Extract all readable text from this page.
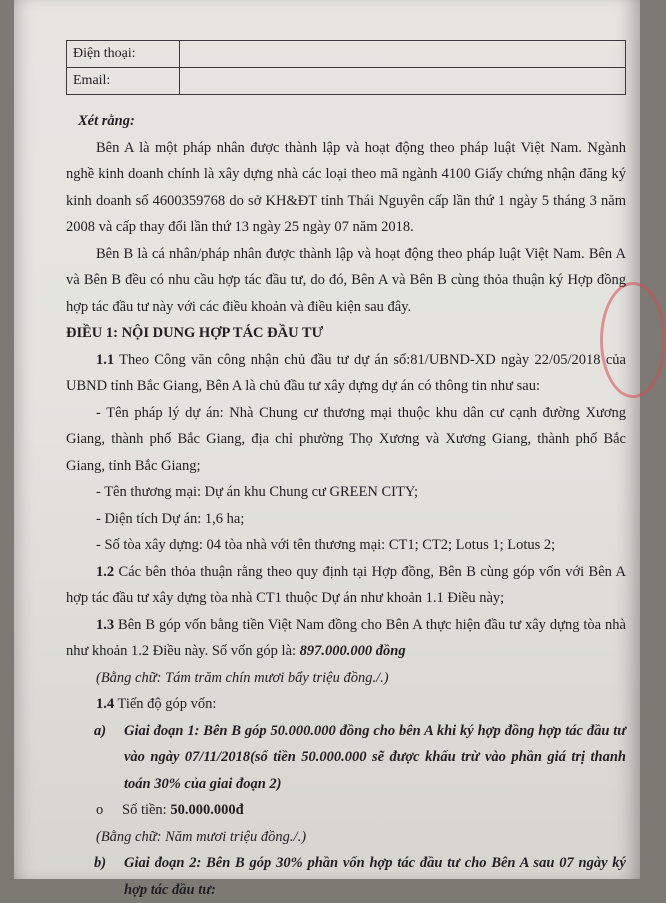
Điện thoại:	
Email:	

Xét rằng:

Bên A là một pháp nhân được thành lập và hoạt động theo pháp luật Việt Nam. Ngành nghề kinh doanh chính là xây dựng nhà các loại theo mã ngành 4100 Giấy chứng nhận đăng ký kinh doanh số 4600359768 do sở KH&ĐT tỉnh Thái Nguyên cấp lần thứ 1 ngày 5 tháng 3 năm 2008 và cấp thay đổi lần thứ 13 ngày 25 ngày 07 năm 2018.

Bên B là cá nhân/pháp nhân được thành lập và hoạt động theo pháp luật Việt Nam. Bên A và Bên B đều có nhu cầu hợp tác đầu tư, do đó, Bên A và Bên B cùng thỏa thuận ký Hợp đồng hợp tác đầu tư này với các điều khoản và điều kiện sau đây.

ĐIỀU 1: NỘI DUNG HỢP TÁC ĐẦU TƯ

1.1 Theo Công văn công nhận chủ đầu tư dự án số:81/UBND-XD ngày 22/05/2018 của UBND tỉnh Bắc Giang, Bên A là chủ đầu tư xây dựng dự án có thông tin như sau:

- Tên pháp lý dự án: Nhà Chung cư thương mại thuộc khu dân cư cạnh đường Xương Giang, thành phố Bắc Giang, địa chỉ phường Thọ Xương và Xương Giang, thành phố Bắc Giang, tỉnh Bắc Giang;

- Tên thương mại: Dự án khu Chung cư GREEN CITY;

- Diện tích Dự án: 1,6 ha;

- Số tòa xây dựng: 04 tòa nhà với tên thương mại: CT1; CT2; Lotus 1; Lotus 2;

1.2 Các bên thỏa thuận rằng theo quy định tại Hợp đồng, Bên B cùng góp vốn với Bên A hợp tác đầu tư xây dựng tòa nhà CT1 thuộc Dự án như khoản 1.1 Điều này;

1.3 Bên B góp vốn bằng tiền Việt Nam đồng cho Bên A thực hiện đầu tư xây dựng tòa nhà như khoản 1.2 Điều này. Số vốn góp là: 897.000.000 đồng

(Bằng chữ: Tám trăm chín mươi bẩy triệu đồng./.)

1.4 Tiến độ góp vốn:

a) Giai đoạn 1: Bên B góp 50.000.000 đồng cho bên A khi ký hợp đồng hợp tác đầu tư vào ngày 07/11/2018(số tiền 50.000.000 sẽ được khấu trừ vào phần giá trị thanh toán 30% của giai đoạn 2)

o Số tiền: 50.000.000đ

(Bằng chữ: Năm mươi triệu đồng./.)

b) Giai đoạn 2: Bên B góp 30% phần vốn hợp tác đầu tư cho Bên A sau 07 ngày ký hợp tác đầu tư:
